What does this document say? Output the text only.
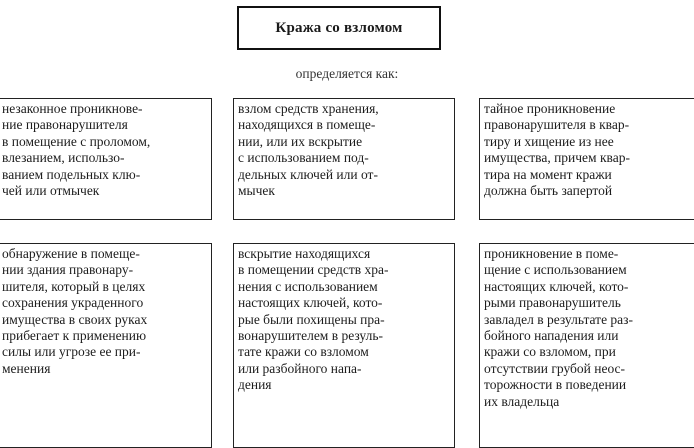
Кража со взломом
определяется как:
незаконное проникнове-
ние правонарушителя
в помещение с проломом,
влезанием, использо-
ванием подельных клю-
чей или отмычек
взлом средств хранения,
находящихся в помеще-
нии, или их вскрытие
с использованием под-
дельных ключей или от-
мычек
тайное проникновение
правонарушителя в квар-
тиру и хищение из нее
имущества, причем квар-
тира на момент кражи
должна быть запертой
обнаружение в помеще-
нии здания правонару-
шителя, который в целях
сохранения украденного
имущества в своих руках
прибегает к применению
силы или угрозе ее при-
менения
вскрытие находящихся
в помещении средств хра-
нения с использованием
настоящих ключей, кото-
рые были похищены пра-
вонарушителем в резуль-
тате кражи со взломом
или разбойного напа-
дения
проникновение в поме-
щение с использованием
настоящих ключей, кото-
рыми правонарушитель
завладел в результате раз-
бойного нападения или
кражи со взломом, при
отсутствии грубой неос-
торожности в поведении
их владельца
